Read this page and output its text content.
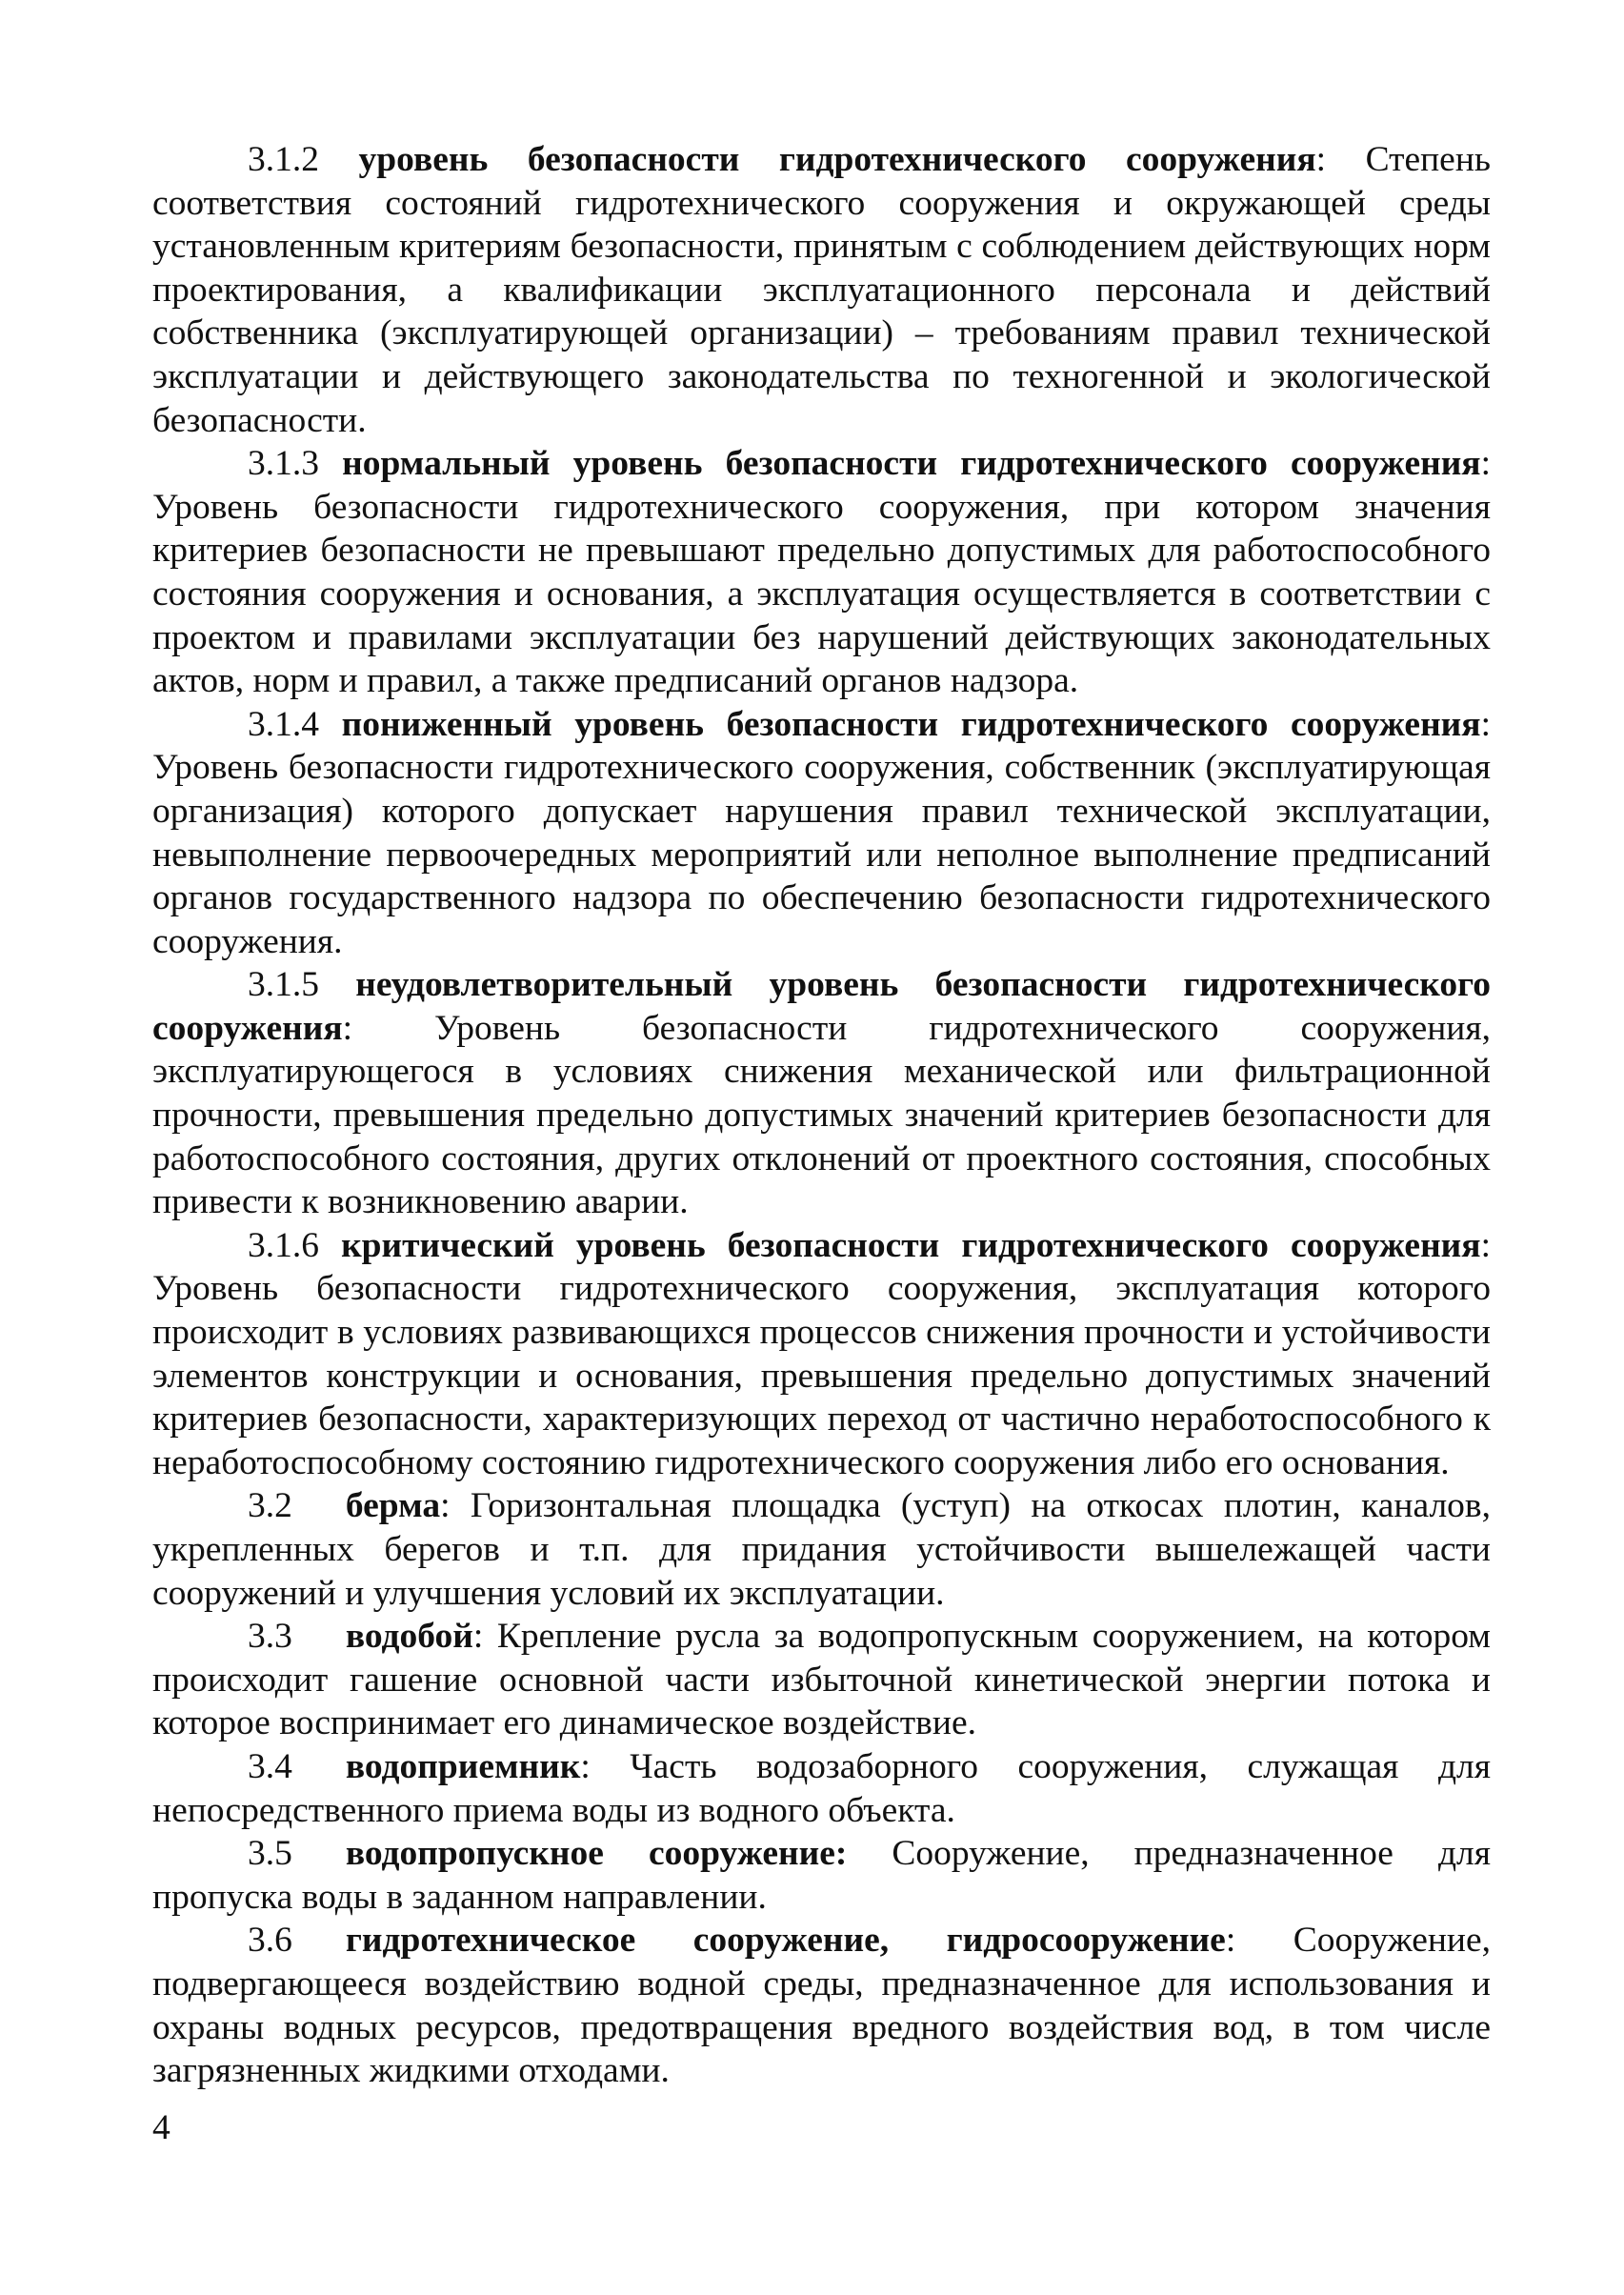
3.1.2 уровень безопасности гидротехнического сооружения: Степень соответствия состояний гидротехнического сооружения и окружающей среды установленным критериям безопасности, принятым с соблюдением действующих норм проектирования, а квалификации эксплуатационного персонала и действий собственника (эксплуатирующей организации) – требованиям правил технической эксплуатации и действующего законодательства по техногенной и экологической безопасности.

3.1.3 нормальный уровень безопасности гидротехнического сооружения: Уровень безопасности гидротехнического сооружения, при котором значения критериев безопасности не превышают предельно допустимых для работоспособного состояния сооружения и основания, а эксплуатация осуществляется в соответствии с проектом и правилами эксплуатации без нарушений действующих законодательных актов, норм и правил, а также предписаний органов надзора.

3.1.4 пониженный уровень безопасности гидротехнического сооружения: Уровень безопасности гидротехнического сооружения, собственник (эксплуатирующая организация) которого допускает нарушения правил технической эксплуатации, невыполнение первоочередных мероприятий или неполное выполнение предписаний органов государственного надзора по обеспечению безопасности гидротехнического сооружения.

3.1.5 неудовлетворительный уровень безопасности гидротехнического сооружения: Уровень безопасности гидротехнического сооружения, эксплуатирующегося в условиях снижения механической или фильтрационной прочности, превышения предельно допустимых значений критериев безопасности для работоспособного состояния, других отклонений от проектного состояния, способных привести к возникновению аварии.

3.1.6 критический уровень безопасности гидротехнического сооружения: Уровень безопасности гидротехнического сооружения, эксплуатация которого происходит в условиях развивающихся процессов снижения прочности и устойчивости элементов конструкции и основания, превышения предельно допустимых значений критериев безопасности, характеризующих переход от частично неработоспособного к неработоспособному состоянию гидротехнического сооружения либо его основания.

3.2 берма: Горизонтальная площадка (уступ) на откосах плотин, каналов, укрепленных берегов и т.п. для придания устойчивости вышележащей части сооружений и улучшения условий их эксплуатации.

3.3 водобой: Крепление русла за водопропускным сооружением, на котором происходит гашение основной части избыточной кинетической энергии потока и которое воспринимает его динамическое воздействие.

3.4 водоприемник: Часть водозаборного сооружения, служащая для непосредственного приема воды из водного объекта.

3.5 водопропускное сооружение: Сооружение, предназначенное для пропуска воды в заданном направлении.

3.6 гидротехническое сооружение, гидросооружение: Сооружение, подвергающееся воздействию водной среды, предназначенное для использования и охраны водных ресурсов, предотвращения вредного воздействия вод, в том числе загрязненных жидкими отходами.

4
